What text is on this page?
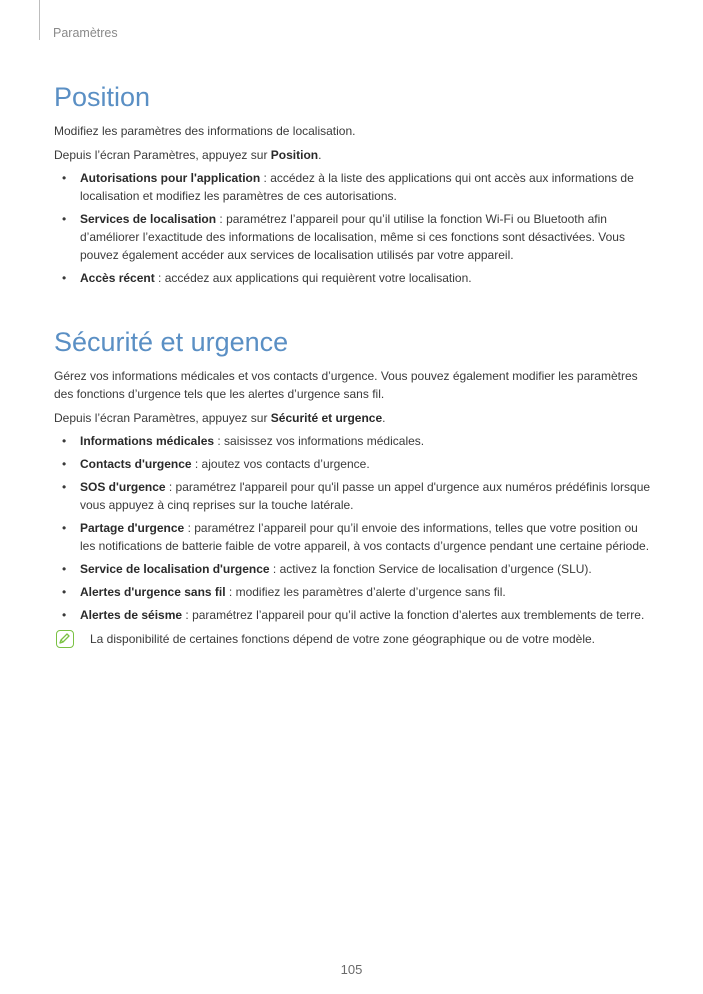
Paramètres
Position

Modifiez les paramètres des informations de localisation.

Depuis l’écran Paramètres, appuyez sur Position.

• Autorisations pour l'application : accédez à la liste des applications qui ont accès aux informations de localisation et modifiez les paramètres de ces autorisations.
• Services de localisation : paramétrez l’appareil pour qu’il utilise la fonction Wi-Fi ou Bluetooth afin d’améliorer l’exactitude des informations de localisation, même si ces fonctions sont désactivées. Vous pouvez également accéder aux services de localisation utilisés par votre appareil.
• Accès récent : accédez aux applications qui requièrent votre localisation.
Sécurité et urgence

Gérez vos informations médicales et vos contacts d’urgence. Vous pouvez également modifier les paramètres des fonctions d’urgence tels que les alertes d’urgence sans fil.

Depuis l’écran Paramètres, appuyez sur Sécurité et urgence.

• Informations médicales : saisissez vos informations médicales.
• Contacts d'urgence : ajoutez vos contacts d’urgence.
• SOS d'urgence : paramétrez l'appareil pour qu'il passe un appel d'urgence aux numéros prédéfinis lorsque vous appuyez à cinq reprises sur la touche latérale.
• Partage d'urgence : paramétrez l’appareil pour qu’il envoie des informations, telles que votre position ou les notifications de batterie faible de votre appareil, à vos contacts d’urgence pendant une certaine période.
• Service de localisation d'urgence : activez la fonction Service de localisation d’urgence (SLU).
• Alertes d'urgence sans fil : modifiez les paramètres d’alerte d’urgence sans fil.
• Alertes de séisme : paramétrez l’appareil pour qu’il active la fonction d’alertes aux tremblements de terre.
La disponibilité de certaines fonctions dépend de votre zone géographique ou de votre modèle.
105
